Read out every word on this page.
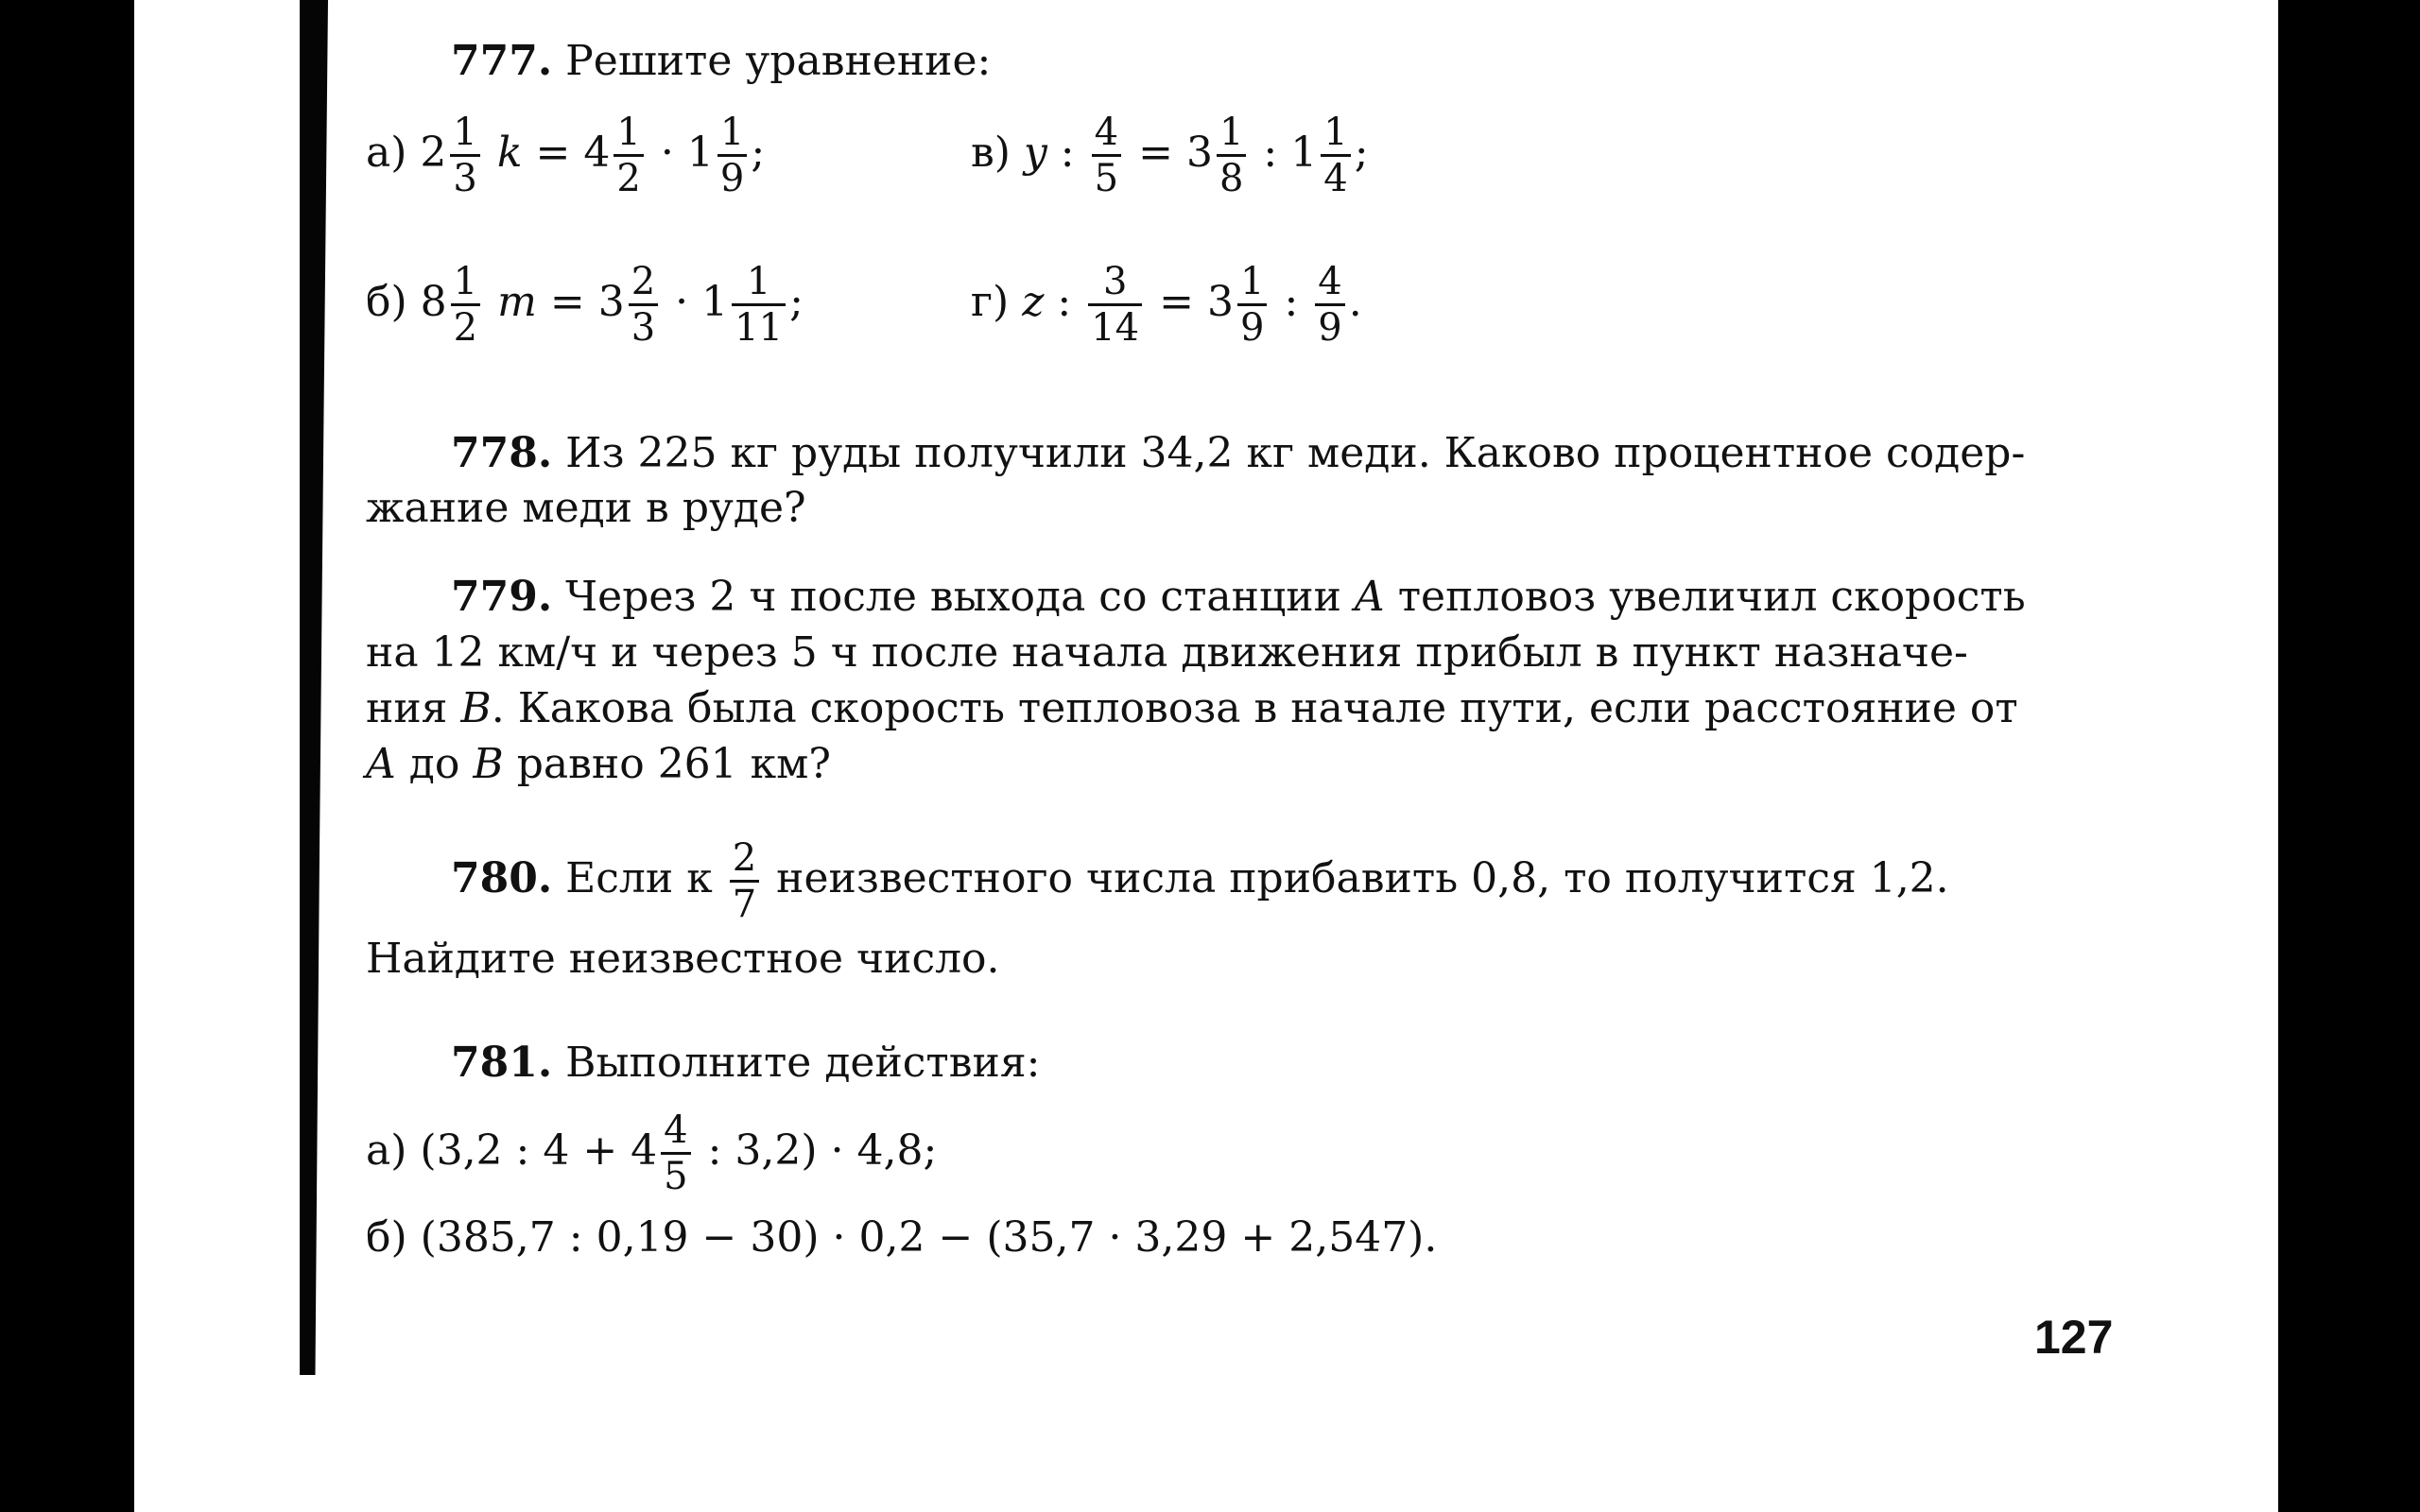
777. Решите уравнение:
а) $2 \frac{1}{3}$ $k = 4 \frac{1}{2} \cdot 1 \frac{1}{9}$ ;	в) y : $\frac{4}{5} = 3 \frac{1}{8}$ : $1 \frac{1}{4}$ ;
б) $8 \frac{1}{2}$ $m = 3 \frac{2}{3} \cdot 1 \frac{1}{11}$ ;	г) z : $\frac{3}{14} = 3 \frac{1}{9}$ : $\frac{4}{9}$ .
778. Из 225 кг руды получили 34,2 кг меди. Каково процентное содер-
жание меди в руде?
779. Через 2 ч после выхода со станции A тепловоз увеличил скорость
на 12 км/ч и через 5 ч после начала движения прибыл в пункт назначе-
ния B. Какова была скорость тепловоза в начале пути, если расстояние от
A до B равно 261 км?
780. Если к $\frac{2}{7}$ неизвестного числа прибавить 0,8, то получится 1,2.
Найдите неизвестное число.
781. Выполните действия:
а) (3,2 : $4 + 4 \frac{4}{5}$ : 3,2) · 4,8;
б) (385,7 : 0,19 − 30) · 0,2 − (35,7 · 3,29 + 2,547).
127
